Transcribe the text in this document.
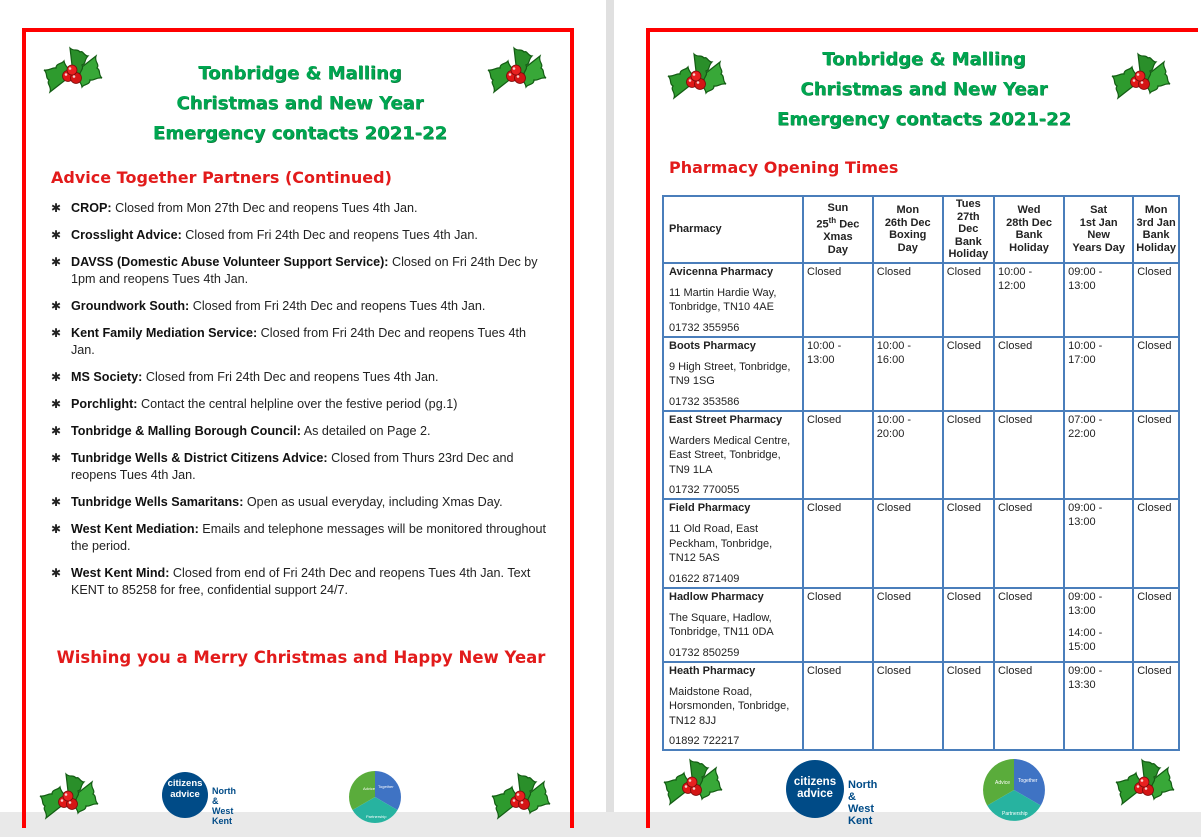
Tonbridge & Malling
Christmas and New Year
Emergency contacts 2021-22
Advice Together Partners (Continued)
✱ CROP: Closed from Mon 27th Dec and reopens Tues 4th Jan.
✱ Crosslight Advice: Closed from Fri 24th Dec and reopens Tues 4th Jan.
✱ DAVSS (Domestic Abuse Volunteer Support Service): Closed on Fri 24th Dec by 1pm and reopens Tues 4th Jan.
✱ Groundwork South: Closed from Fri 24th Dec and reopens Tues 4th Jan.
✱ Kent Family Mediation Service: Closed from Fri 24th Dec and reopens Tues 4th Jan.
✱ MS Society: Closed from Fri 24th Dec and reopens Tues 4th Jan.
✱ Porchlight: Contact the central helpline over the festive period (pg.1)
✱ Tonbridge & Malling Borough Council: As detailed on Page 2.
✱ Tunbridge Wells & District Citizens Advice: Closed from Thurs 23rd Dec and reopens Tues 4th Jan.
✱ Tunbridge Wells Samaritans: Open as usual everyday, including Xmas Day.
✱ West Kent Mediation: Emails and telephone messages will be monitored throughout the period.
✱ West Kent Mind: Closed from end of Fri 24th Dec and reopens Tues 4th Jan. Text KENT to 85258 for free, confidential support 24/7.
Wishing you a Merry Christmas and Happy New Year
Tonbridge & Malling
Christmas and New Year
Emergency contacts 2021-22
Pharmacy Opening Times
Pharmacy	Sun
25th Dec
Xmas
Day	Mon
26th Dec
Boxing
Day	Tues
27th Dec
Bank
Holiday	Wed
28th Dec
Bank
Holiday	Sat
1st Jan
New
Years Day	Mon
3rd Jan
Bank
Holiday

Avicenna Pharmacy
11 Martin Hardie Way, Tonbridge, TN10 4AE
01732 355956	Closed	Closed	Closed	10:00 - 12:00	09:00 - 13:00	Closed

Boots Pharmacy
9 High Street, Tonbridge, TN9 1SG
01732 353586	10:00 - 13:00	10:00 - 16:00	Closed	Closed	10:00 - 17:00	Closed

East Street Pharmacy
Warders Medical Centre, East Street, Tonbridge, TN9 1LA
01732 770055	Closed	10:00 - 20:00	Closed	Closed	07:00 - 22:00	Closed

Field Pharmacy
11 Old Road, East Peckham, Tonbridge, TN12 5AS
01622 871409	Closed	Closed	Closed	Closed	09:00 - 13:00	Closed

Hadlow Pharmacy
The Square, Hadlow, Tonbridge, TN11 0DA
01732 850259	Closed	Closed	Closed	Closed	09:00 - 13:00
14:00 - 15:00	Closed

Heath Pharmacy
Maidstone Road, Horsmonden, Tonbridge, TN12 8JJ
01892 722217	Closed	Closed	Closed	Closed	09:00 - 13:30	Closed
citizens
advice	North &
West Kent
citizens
advice
North &
West Kent
Advice Together
Partnership
Advice Together
Partnership
